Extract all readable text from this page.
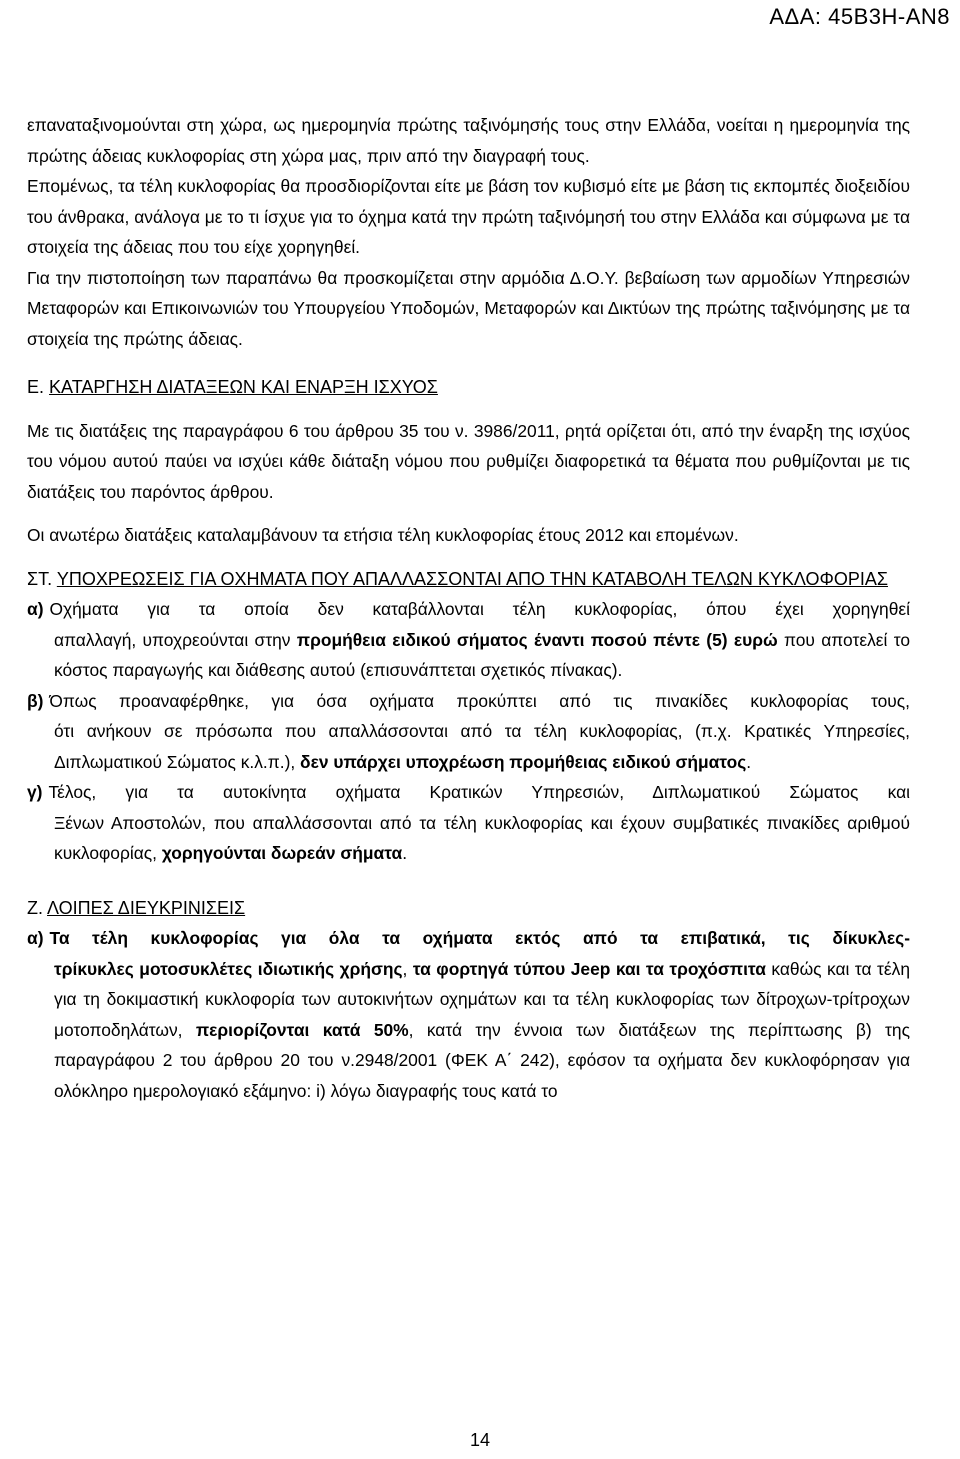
ΑΔΑ: 45Β3Η-ΑΝ8

επαναταξινομούνται στη χώρα, ως ημερομηνία πρώτης ταξινόμησής τους στην Ελλάδα, νοείται η ημερομηνία της πρώτης άδειας κυκλοφορίας στη χώρα μας, πριν από την διαγραφή τους.

Επομένως, τα τέλη κυκλοφορίας θα προσδιορίζονται είτε με βάση τον κυβισμό είτε με βάση τις εκπομπές διοξειδίου του άνθρακα, ανάλογα με το τι ίσχυε για το όχημα κατά την πρώτη ταξινόμησή του στην Ελλάδα και σύμφωνα με τα στοιχεία της άδειας που του είχε χορηγηθεί.

Για την πιστοποίηση των παραπάνω θα προσκομίζεται στην αρμόδια Δ.Ο.Υ. βεβαίωση των αρμοδίων Υπηρεσιών Μεταφορών και Επικοινωνιών του Υπουργείου Υποδομών, Μεταφορών και Δικτύων της πρώτης ταξινόμησης με τα στοιχεία της πρώτης άδειας.

Ε. ΚΑΤΑΡΓΗΣΗ ΔΙΑΤΑΞΕΩΝ ΚΑΙ ΕΝΑΡΞΗ ΙΣΧΥΟΣ

Με τις διατάξεις της παραγράφου 6 του άρθρου 35 του ν. 3986/2011, ρητά ορίζεται ότι, από την έναρξη της ισχύος του νόμου αυτού παύει να ισχύει κάθε διάταξη νόμου που ρυθμίζει διαφορετικά τα θέματα που ρυθμίζονται με τις διατάξεις του παρόντος άρθρου.

Οι ανωτέρω διατάξεις καταλαμβάνουν τα ετήσια τέλη κυκλοφορίας έτους 2012 και επομένων.

ΣΤ. ΥΠΟΧΡΕΩΣΕΙΣ ΓΙΑ ΟΧΗΜΑΤΑ ΠΟΥ ΑΠΑΛΛΑΣΣΟΝΤΑΙ ΑΠΟ ΤΗΝ ΚΑΤΑΒΟΛΗ ΤΕΛΩΝ ΚΥΚΛΟΦΟΡΙΑΣ

α) Οχήματα για τα οποία δεν καταβάλλονται τέλη κυκλοφορίας, όπου έχει χορηγηθεί

απαλλαγή, υποχρεούνται στην προμήθεια ειδικού σήματος έναντι ποσού πέντε (5) ευρώ που αποτελεί το κόστος παραγωγής και διάθεσης αυτού (επισυνάπτεται σχετικός πίνακας).

β) Όπως προαναφέρθηκε, για όσα οχήματα προκύπτει από τις πινακίδες κυκλοφορίας τους,

ότι ανήκουν σε πρόσωπα που απαλλάσσονται από τα τέλη κυκλοφορίας, (π.χ. Κρατικές Υπηρεσίες, Διπλωματικού Σώματος κ.λ.π.), δεν υπάρχει υποχρέωση προμήθειας ειδικού σήματος.

γ) Τέλος, για τα αυτοκίνητα οχήματα Κρατικών Υπηρεσιών, Διπλωματικού Σώματος και

Ξένων Αποστολών, που απαλλάσσονται από τα τέλη κυκλοφορίας και έχουν συμβατικές πινακίδες αριθμού κυκλοφορίας, χορηγούνται δωρεάν σήματα.

Ζ. ΛΟΙΠΕΣ ΔΙΕΥΚΡΙΝΙΣΕΙΣ

α) Τα τέλη κυκλοφορίας για όλα τα οχήματα εκτός από τα επιβατικά, τις δίκυκλες-

τρίκυκλες μοτοσυκλέτες ιδιωτικής χρήσης, τα φορτηγά τύπου Jeep και τα τροχόσπιτα καθώς και τα τέλη για τη δοκιμαστική κυκλοφορία των αυτοκινήτων οχημάτων και τα τέλη κυκλοφορίας των δίτροχων-τρίτροχων μοτοποδηλάτων, περιορίζονται κατά 50%, κατά την έννοια των διατάξεων της περίπτωσης β) της παραγράφου 2 του άρθρου 20 του ν.2948/2001 (ΦΕΚ Α΄ 242), εφόσον τα οχήματα δεν κυκλοφόρησαν για ολόκληρο ημερολογιακό εξάμηνο: i) λόγω διαγραφής τους κατά το

14
